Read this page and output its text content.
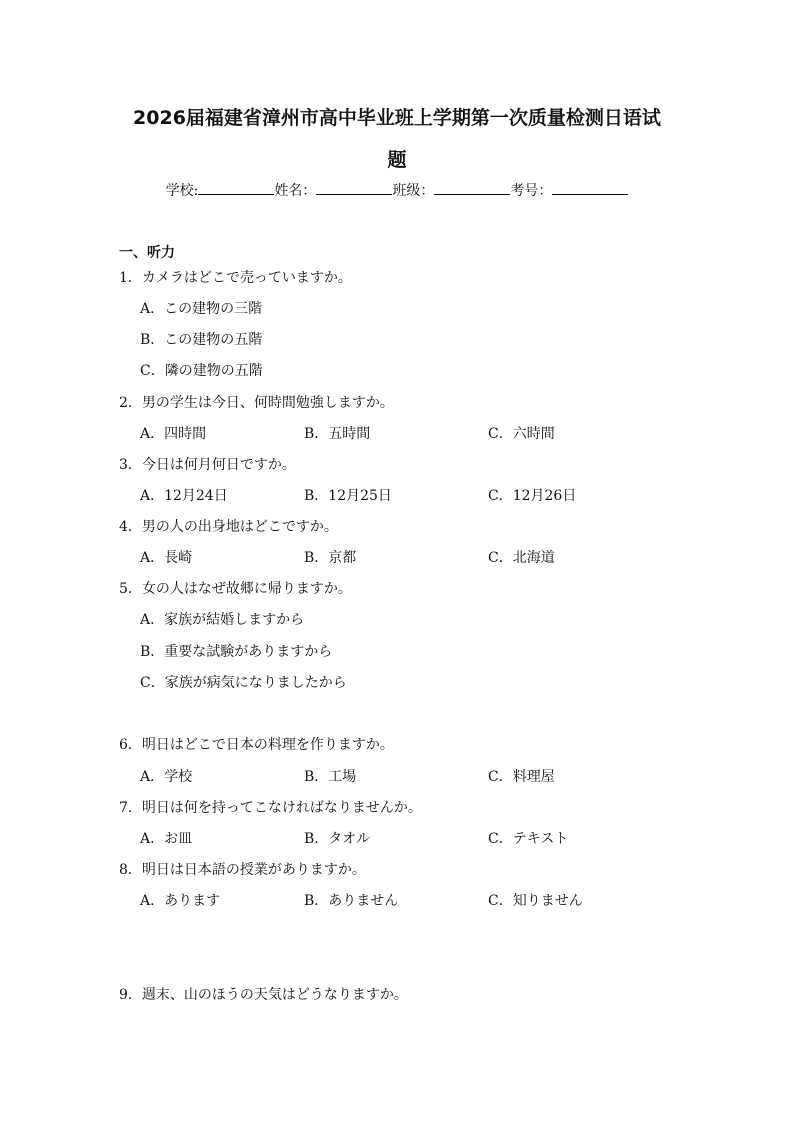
2026届福建省漳州市高中毕业班上学期第一次质量检测日语试
题
学校:	姓名：	班级：	考号：
一、听力
1．カメラはどこで売っていますか。
A．この建物の三階
B．この建物の五階
C．隣の建物の五階
2．男の学生は今日、何時間勉強しますか。
A．四時間	B．五時間	C．六時間
3．今日は何月何日ですか。
A．12月24日	B．12月25日	C．12月26日
4．男の人の出身地はどこですか。
A．長崎	B．京都	C．北海道
5．女の人はなぜ故郷に帰りますか。
A．家族が結婚しますから
B．重要な試験がありますから
C．家族が病気になりましたから
6．明日はどこで日本の料理を作りますか。
A．学校	B．工場	C．料理屋
7．明日は何を持ってこなければなりませんか。
A．お皿	B．タオル	C．テキスト
8．明日は日本語の授業がありますか。
A．あります	B．ありません	C．知りません
9．週末、山のほうの天気はどうなりますか。
